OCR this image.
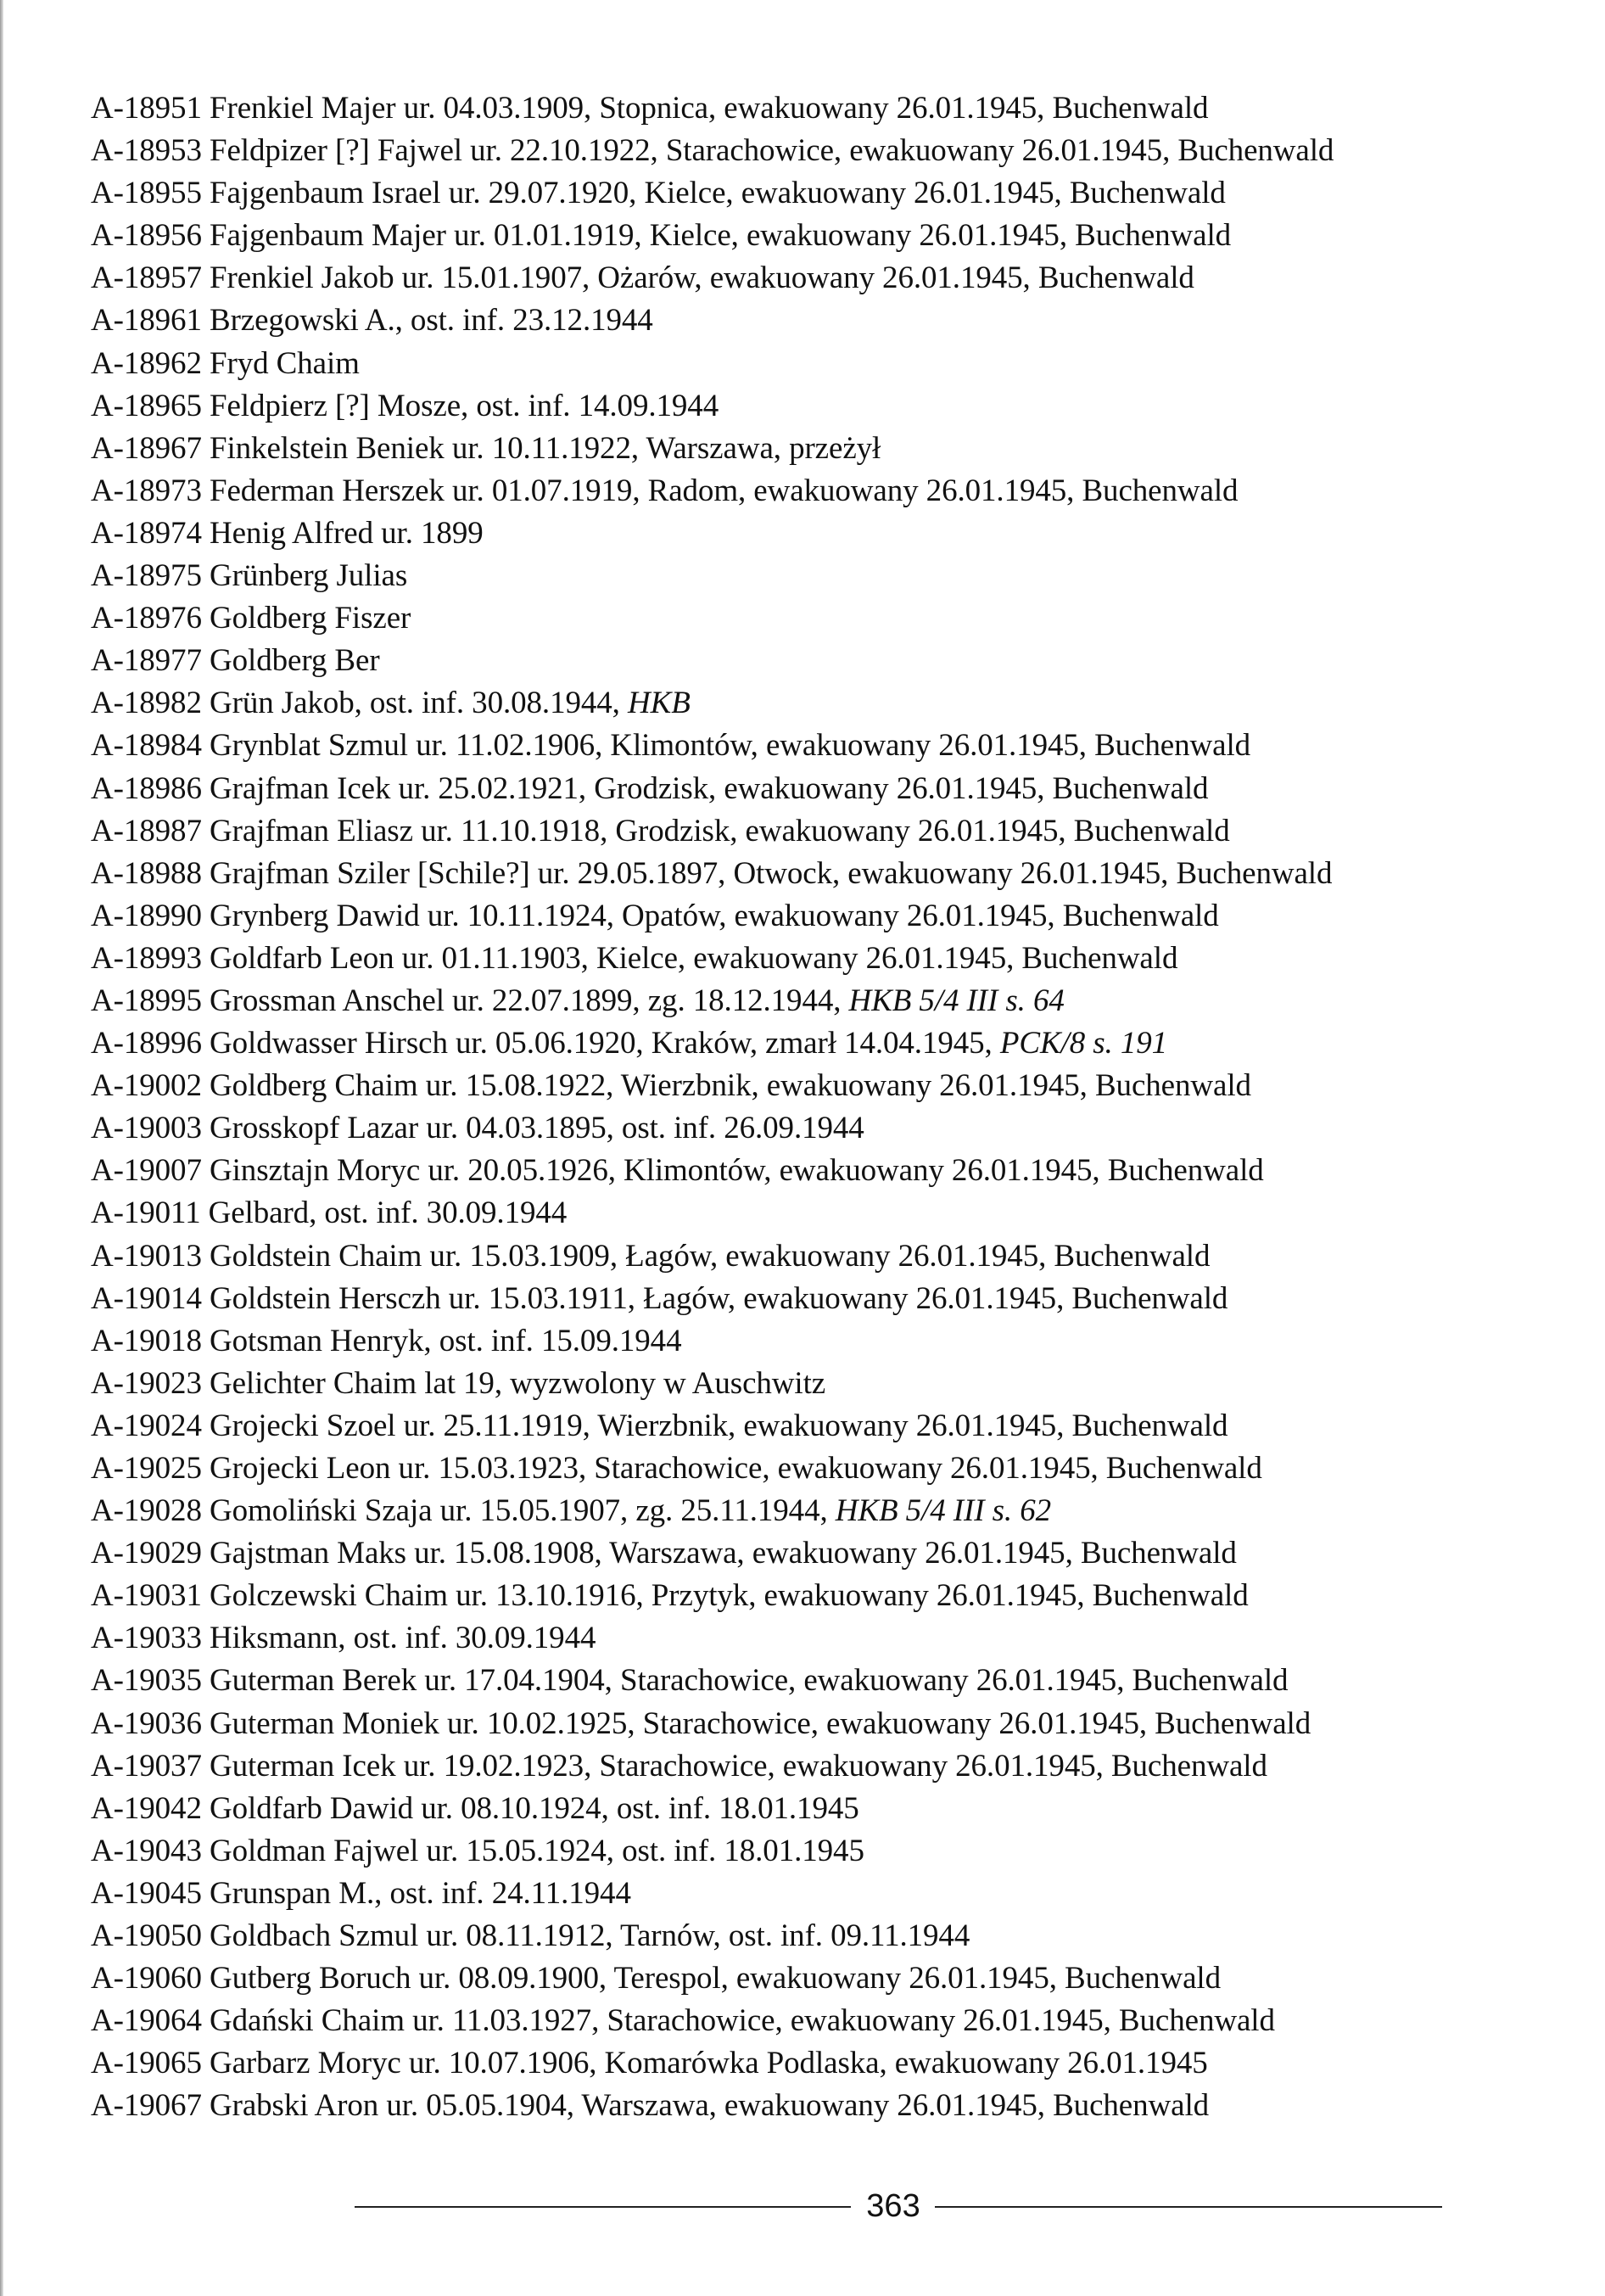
A-18951 Frenkiel Majer ur. 04.03.1909, Stopnica, ewakuowany 26.01.1945, Buchenwald
A-18953 Feldpizer [?] Fajwel ur. 22.10.1922, Starachowice, ewakuowany 26.01.1945, Buchenwald
A-18955 Fajgenbaum Israel ur. 29.07.1920, Kielce, ewakuowany 26.01.1945, Buchenwald
A-18956 Fajgenbaum Majer ur. 01.01.1919, Kielce, ewakuowany 26.01.1945, Buchenwald
A-18957 Frenkiel Jakob ur. 15.01.1907, Ożarów, ewakuowany 26.01.1945, Buchenwald
A-18961 Brzegowski A., ost. inf. 23.12.1944
A-18962 Fryd Chaim
A-18965 Feldpierz [?] Mosze, ost. inf. 14.09.1944
A-18967 Finkelstein Beniek ur. 10.11.1922, Warszawa, przeżył
A-18973 Federman Herszek ur. 01.07.1919, Radom, ewakuowany 26.01.1945, Buchenwald
A-18974 Henig Alfred ur. 1899
A-18975 Grünberg Julias
A-18976 Goldberg Fiszer
A-18977 Goldberg Ber
A-18982 Grün Jakob, ost. inf. 30.08.1944, HKB
A-18984 Grynblat Szmul ur. 11.02.1906, Klimontów, ewakuowany 26.01.1945, Buchenwald
A-18986 Grajfman Icek ur. 25.02.1921, Grodzisk, ewakuowany 26.01.1945, Buchenwald
A-18987 Grajfman Eliasz ur. 11.10.1918, Grodzisk, ewakuowany 26.01.1945, Buchenwald
A-18988 Grajfman Sziler [Schile?] ur. 29.05.1897, Otwock, ewakuowany 26.01.1945, Buchenwald
A-18990 Grynberg Dawid ur. 10.11.1924, Opatów, ewakuowany 26.01.1945, Buchenwald
A-18993 Goldfarb Leon ur. 01.11.1903, Kielce, ewakuowany 26.01.1945, Buchenwald
A-18995 Grossman Anschel ur. 22.07.1899, zg. 18.12.1944, HKB 5/4 III s. 64
A-18996 Goldwasser Hirsch ur. 05.06.1920, Kraków, zmarł 14.04.1945, PCK/8 s. 191
A-19002 Goldberg Chaim ur. 15.08.1922, Wierzbnik, ewakuowany 26.01.1945, Buchenwald
A-19003 Grosskopf Lazar ur. 04.03.1895, ost. inf. 26.09.1944
A-19007 Ginsztajn Moryc ur. 20.05.1926, Klimontów, ewakuowany 26.01.1945, Buchenwald
A-19011 Gelbard, ost. inf. 30.09.1944
A-19013 Goldstein Chaim ur. 15.03.1909, Łagów, ewakuowany 26.01.1945, Buchenwald
A-19014 Goldstein Hersczh ur. 15.03.1911, Łagów, ewakuowany 26.01.1945, Buchenwald
A-19018 Gotsman Henryk, ost. inf. 15.09.1944
A-19023 Gelichter Chaim lat 19, wyzwolony w Auschwitz
A-19024 Grojecki Szoel ur. 25.11.1919, Wierzbnik, ewakuowany 26.01.1945, Buchenwald
A-19025 Grojecki Leon ur. 15.03.1923, Starachowice, ewakuowany 26.01.1945, Buchenwald
A-19028 Gomoliński Szaja ur. 15.05.1907, zg. 25.11.1944, HKB 5/4 III s. 62
A-19029 Gajstman Maks ur. 15.08.1908, Warszawa, ewakuowany 26.01.1945, Buchenwald
A-19031 Golczewski Chaim ur. 13.10.1916, Przytyk, ewakuowany 26.01.1945, Buchenwald
A-19033 Hiksmann, ost. inf. 30.09.1944
A-19035 Guterman Berek ur. 17.04.1904, Starachowice, ewakuowany 26.01.1945, Buchenwald
A-19036 Guterman Moniek ur. 10.02.1925, Starachowice, ewakuowany 26.01.1945, Buchenwald
A-19037 Guterman Icek ur. 19.02.1923, Starachowice, ewakuowany 26.01.1945, Buchenwald
A-19042 Goldfarb Dawid ur. 08.10.1924, ost. inf. 18.01.1945
A-19043 Goldman Fajwel ur. 15.05.1924, ost. inf. 18.01.1945
A-19045 Grunspan M., ost. inf. 24.11.1944
A-19050 Goldbach Szmul ur. 08.11.1912, Tarnów, ost. inf. 09.11.1944
A-19060 Gutberg Boruch ur. 08.09.1900, Terespol, ewakuowany 26.01.1945, Buchenwald
A-19064 Gdański Chaim ur. 11.03.1927, Starachowice, ewakuowany 26.01.1945, Buchenwald
A-19065 Garbarz Moryc ur. 10.07.1906, Komarówka Podlaska, ewakuowany 26.01.1945
A-19067 Grabski Aron ur. 05.05.1904, Warszawa, ewakuowany 26.01.1945, Buchenwald
363
